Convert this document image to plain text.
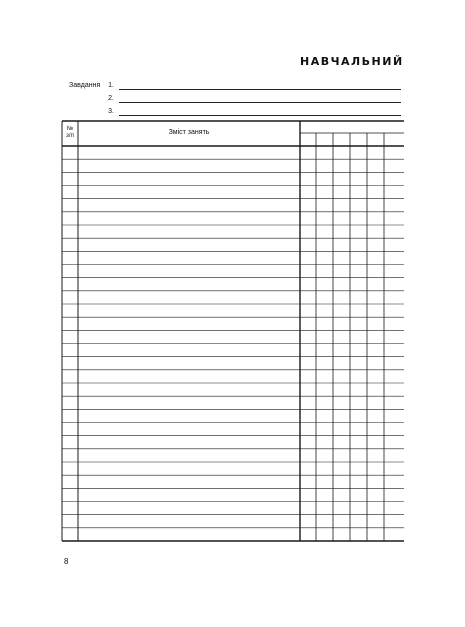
НАВЧАЛЬНИЙ
Завдання	1.
2.
3.
№
з/п	Зміст занять
8
